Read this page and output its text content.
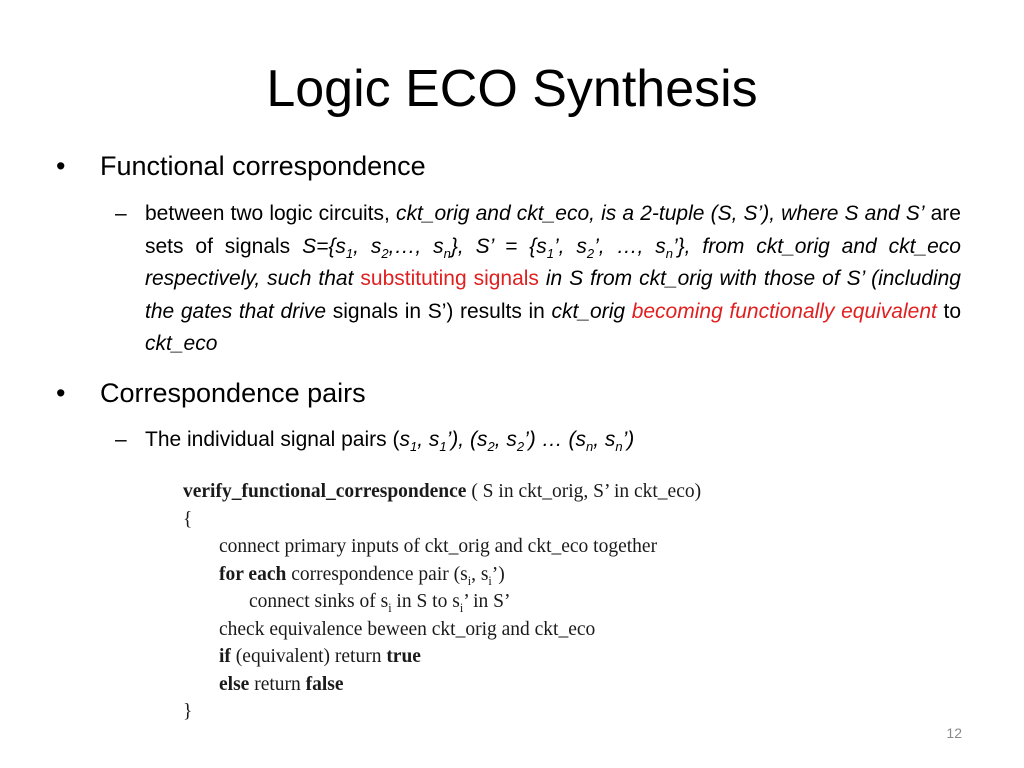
Logic ECO Synthesis
•	Functional correspondence
– between two logic circuits, ckt_orig and ckt_eco, is a 2-tuple (S, S’), where S and S’ are sets of signals $S=\{s_1$, $s_2,\dots$, $s_n$}, S’ = {$s_1$’, $s_2$’, …, $s_n$’}, from ckt_orig and ckt_eco respectively, such that substituting signals in S from ckt_orig with those of S’ (including the gates that drive signals in S’) results in ckt_orig becoming functionally equivalent to ckt_eco
•	Correspondence pairs
– The individual signal pairs ($s_1$, $s_1$’), ($s_2$, $s_2$’) … ($s_n$, $s_n$’)
verify_functional_correspondence ( S in ckt_orig, S’ in ckt_eco)
{
connect primary inputs of ckt_orig and ckt_eco together
for each correspondence pair ($s_i$, $s_i$’)
connect sinks of $s_i$ in S to $s_i$’ in S’
check equivalence beween ckt_orig and ckt_eco
if (equivalent) return true
else return false
}
12
